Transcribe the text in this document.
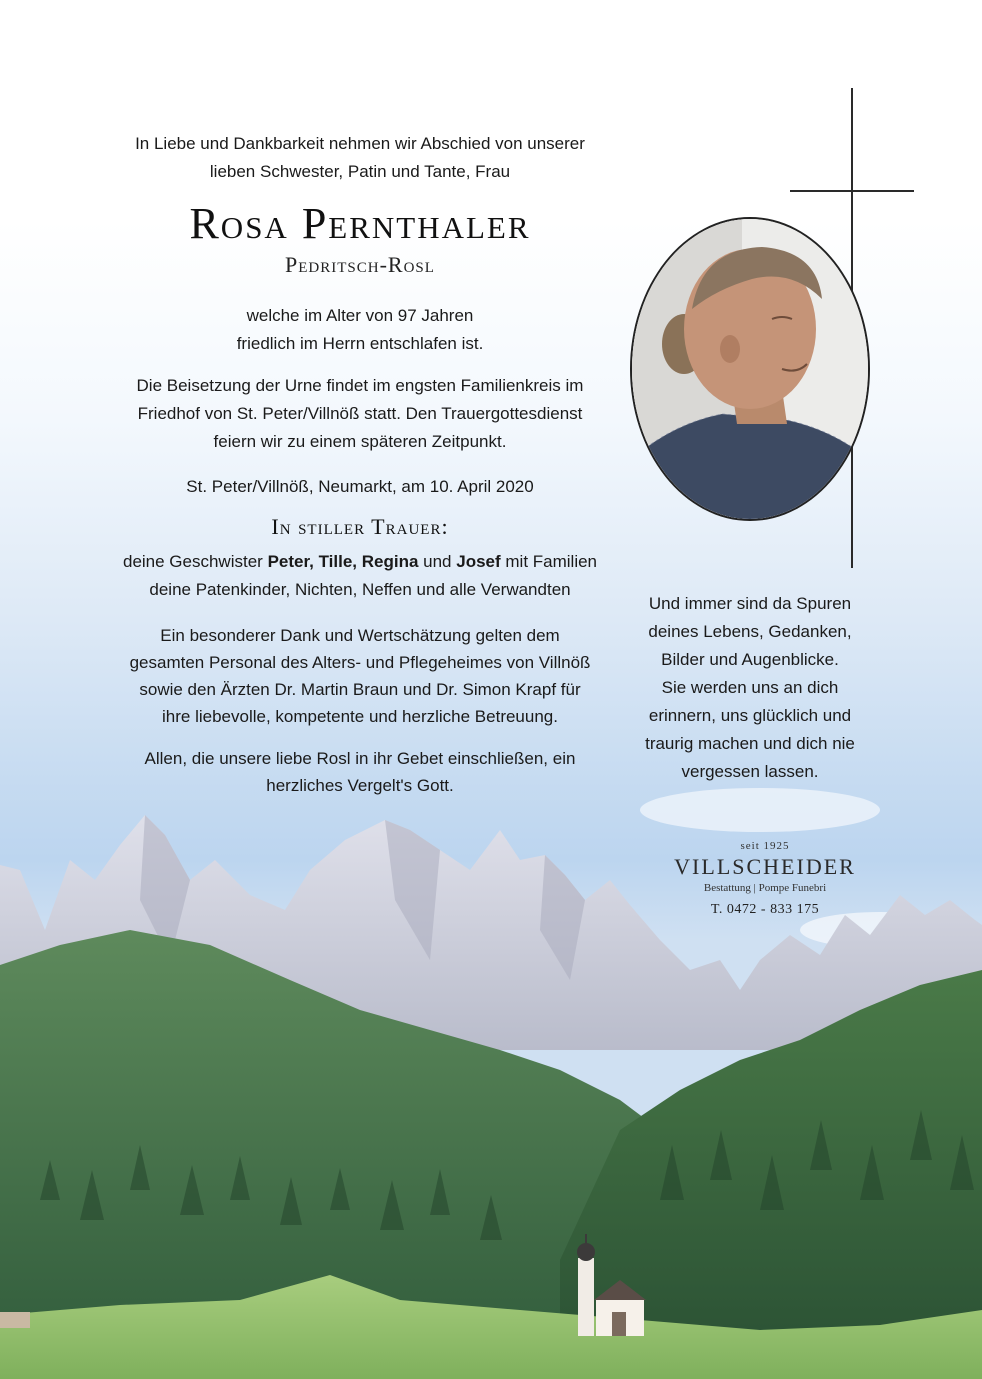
In Liebe und Dankbarkeit nehmen wir Abschied von unserer
lieben Schwester, Patin und Tante, Frau
Rosa Pernthaler
Pedritsch-Rosl
welche im Alter von 97 Jahren
friedlich im Herrn entschlafen ist.
Die Beisetzung der Urne findet im engsten Familienkreis im
Friedhof von St. Peter/Villnöß statt. Den Trauergottesdienst
feiern wir zu einem späteren Zeitpunkt.
St. Peter/Villnöß, Neumarkt, am 10. April 2020
In stiller Trauer:
deine Geschwister Peter, Tille, Regina und Josef mit Familien
deine Patenkinder, Nichten, Neffen und alle Verwandten
Ein besonderer Dank und Wertschätzung gelten dem
gesamten Personal des Alters- und Pflegeheimes von Villnöß
sowie den Ärzten Dr. Martin Braun und Dr. Simon Krapf für
ihre liebevolle, kompetente und herzliche Betreuung.
Allen, die unsere liebe Rosl in ihr Gebet einschließen, ein
herzliches Vergelt's Gott.
Und immer sind da Spuren
deines Lebens, Gedanken,
Bilder und Augenblicke.
Sie werden uns an dich
erinnern, uns glücklich und
traurig machen und dich nie
vergessen lassen.
seit 1925
VILLSCHEIDER
Bestattung | Pompe Funebri
T. 0472 - 833 175
